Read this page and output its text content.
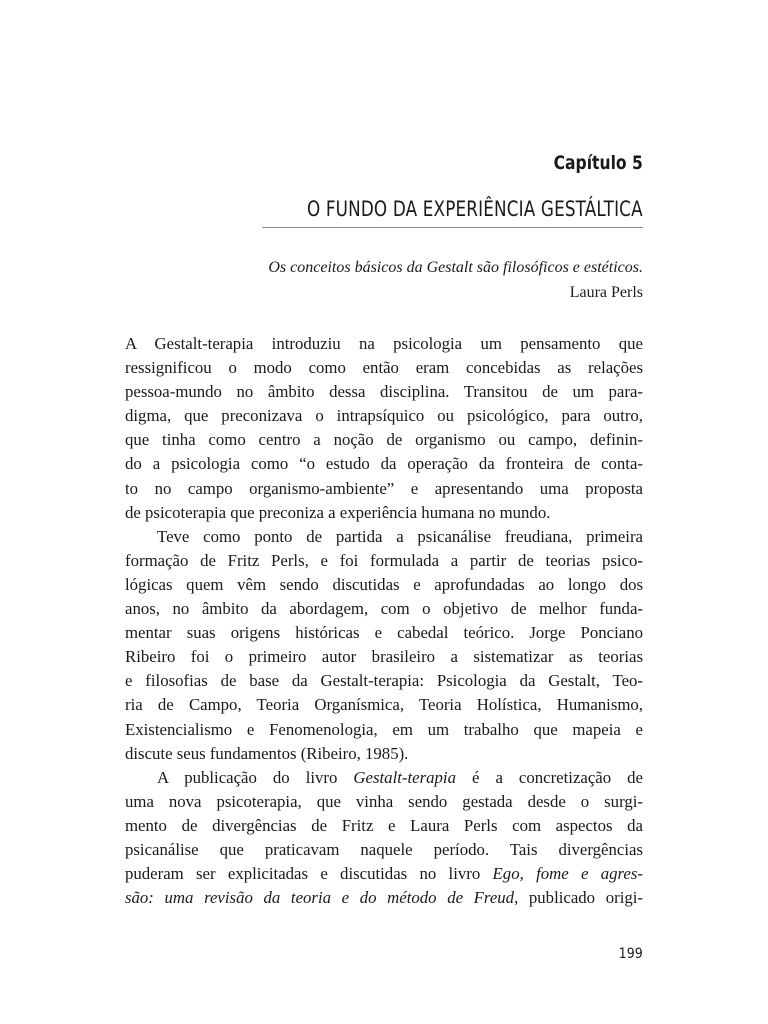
Capítulo 5
O FUNDO DA EXPERIÊNCIA GESTÁLTICA
Os conceitos básicos da Gestalt são filosóficos e estéticos.
Laura Perls
A Gestalt-terapia introduziu na psicologia um pensamento que
ressignificou o modo como então eram concebidas as relações
pessoa-mundo no âmbito dessa disciplina. Transitou de um para-
digma, que preconizava o intrapsíquico ou psicológico, para outro,
que tinha como centro a noção de organismo ou campo, definin-
do a psicologia como “o estudo da operação da fronteira de conta-
to no campo organismo-ambiente” e apresentando uma proposta
de psicoterapia que preconiza a experiência humana no mundo.
Teve como ponto de partida a psicanálise freudiana, primeira
formação de Fritz Perls, e foi formulada a partir de teorias psico-
lógicas quem vêm sendo discutidas e aprofundadas ao longo dos
anos, no âmbito da abordagem, com o objetivo de melhor funda-
mentar suas origens históricas e cabedal teórico. Jorge Ponciano
Ribeiro foi o primeiro autor brasileiro a sistematizar as teorias
e filosofias de base da Gestalt-terapia: Psicologia da Gestalt, Teo-
ria de Campo, Teoria Organísmica, Teoria Holística, Humanismo,
Existencialismo e Fenomenologia, em um trabalho que mapeia e
discute seus fundamentos (Ribeiro, 1985).
A publicação do livro Gestalt-terapia é a concretização de
uma nova psicoterapia, que vinha sendo gestada desde o surgi-
mento de divergências de Fritz e Laura Perls com aspectos da
psicanálise que praticavam naquele período. Tais divergências
puderam ser explicitadas e discutidas no livro Ego, fome e agres-
são: uma revisão da teoria e do método de Freud, publicado origi-
199
